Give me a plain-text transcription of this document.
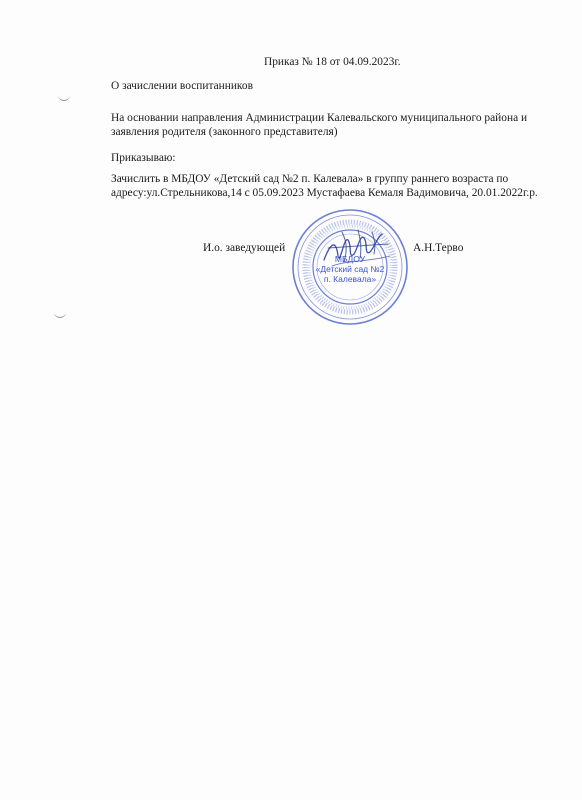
Приказ № 18 от 04.09.2023г.
О зачислении воспитанников
На основании направления Администрации Калевальского муниципального района и
заявления родителя (законного представителя)
Приказываю:
Зачислить в МБДОУ «Детский сад №2 п. Калевала» в группу раннего возраста по
адресу:ул.Стрельникова,14 с 05.09.2023 Мустафаева Кемаля Вадимовича, 20.01.2022г.р.
И.о. заведующей
МБДОУ
«Детский сад №2
п. Калевала»
А.Н.Терво
